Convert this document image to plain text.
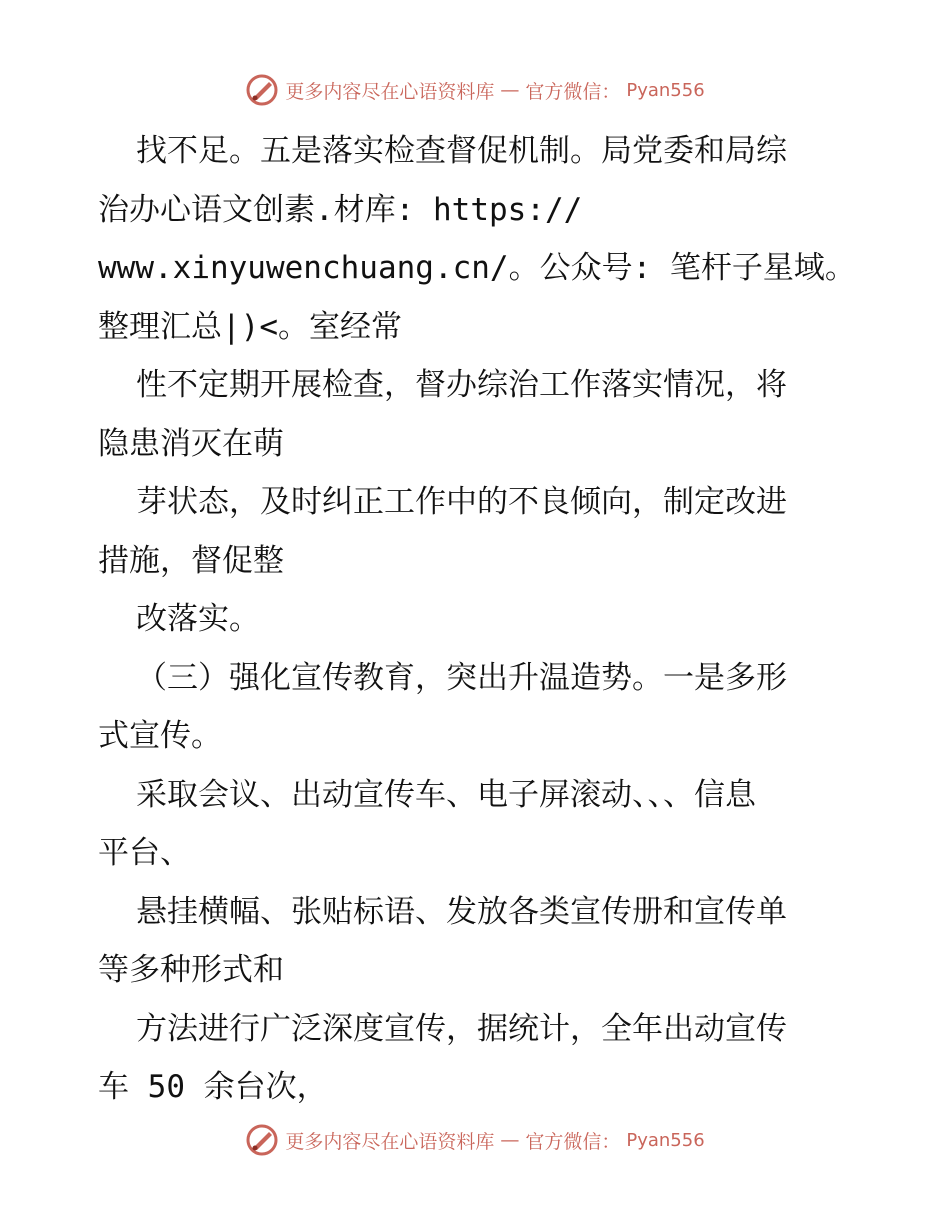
更多内容尽在心语资料库 — 官方微信： Pyan556
找不足。五是落实检查督促机制。局党委和局综
治办心语文创素.材库: https://
www.xinyuwenchuang.cn/。公众号: 笔杆子星域。
整理汇总|)<。室经常
性不定期开展检查，督办综治工作落实情况，将
隐患消灭在萌
芽状态，及时纠正工作中的不良倾向，制定改进
措施，督促整
改落实。
（三）强化宣传教育，突出升温造势。一是多形
式宣传。
采取会议、出动宣传车、电子屏滚动、、、信息
平台、
悬挂横幅、张贴标语、发放各类宣传册和宣传单
等多种形式和
方法进行广泛深度宣传，据统计，全年出动宣传
车 50 余台次，
更多内容尽在心语资料库 — 官方微信： Pyan556
